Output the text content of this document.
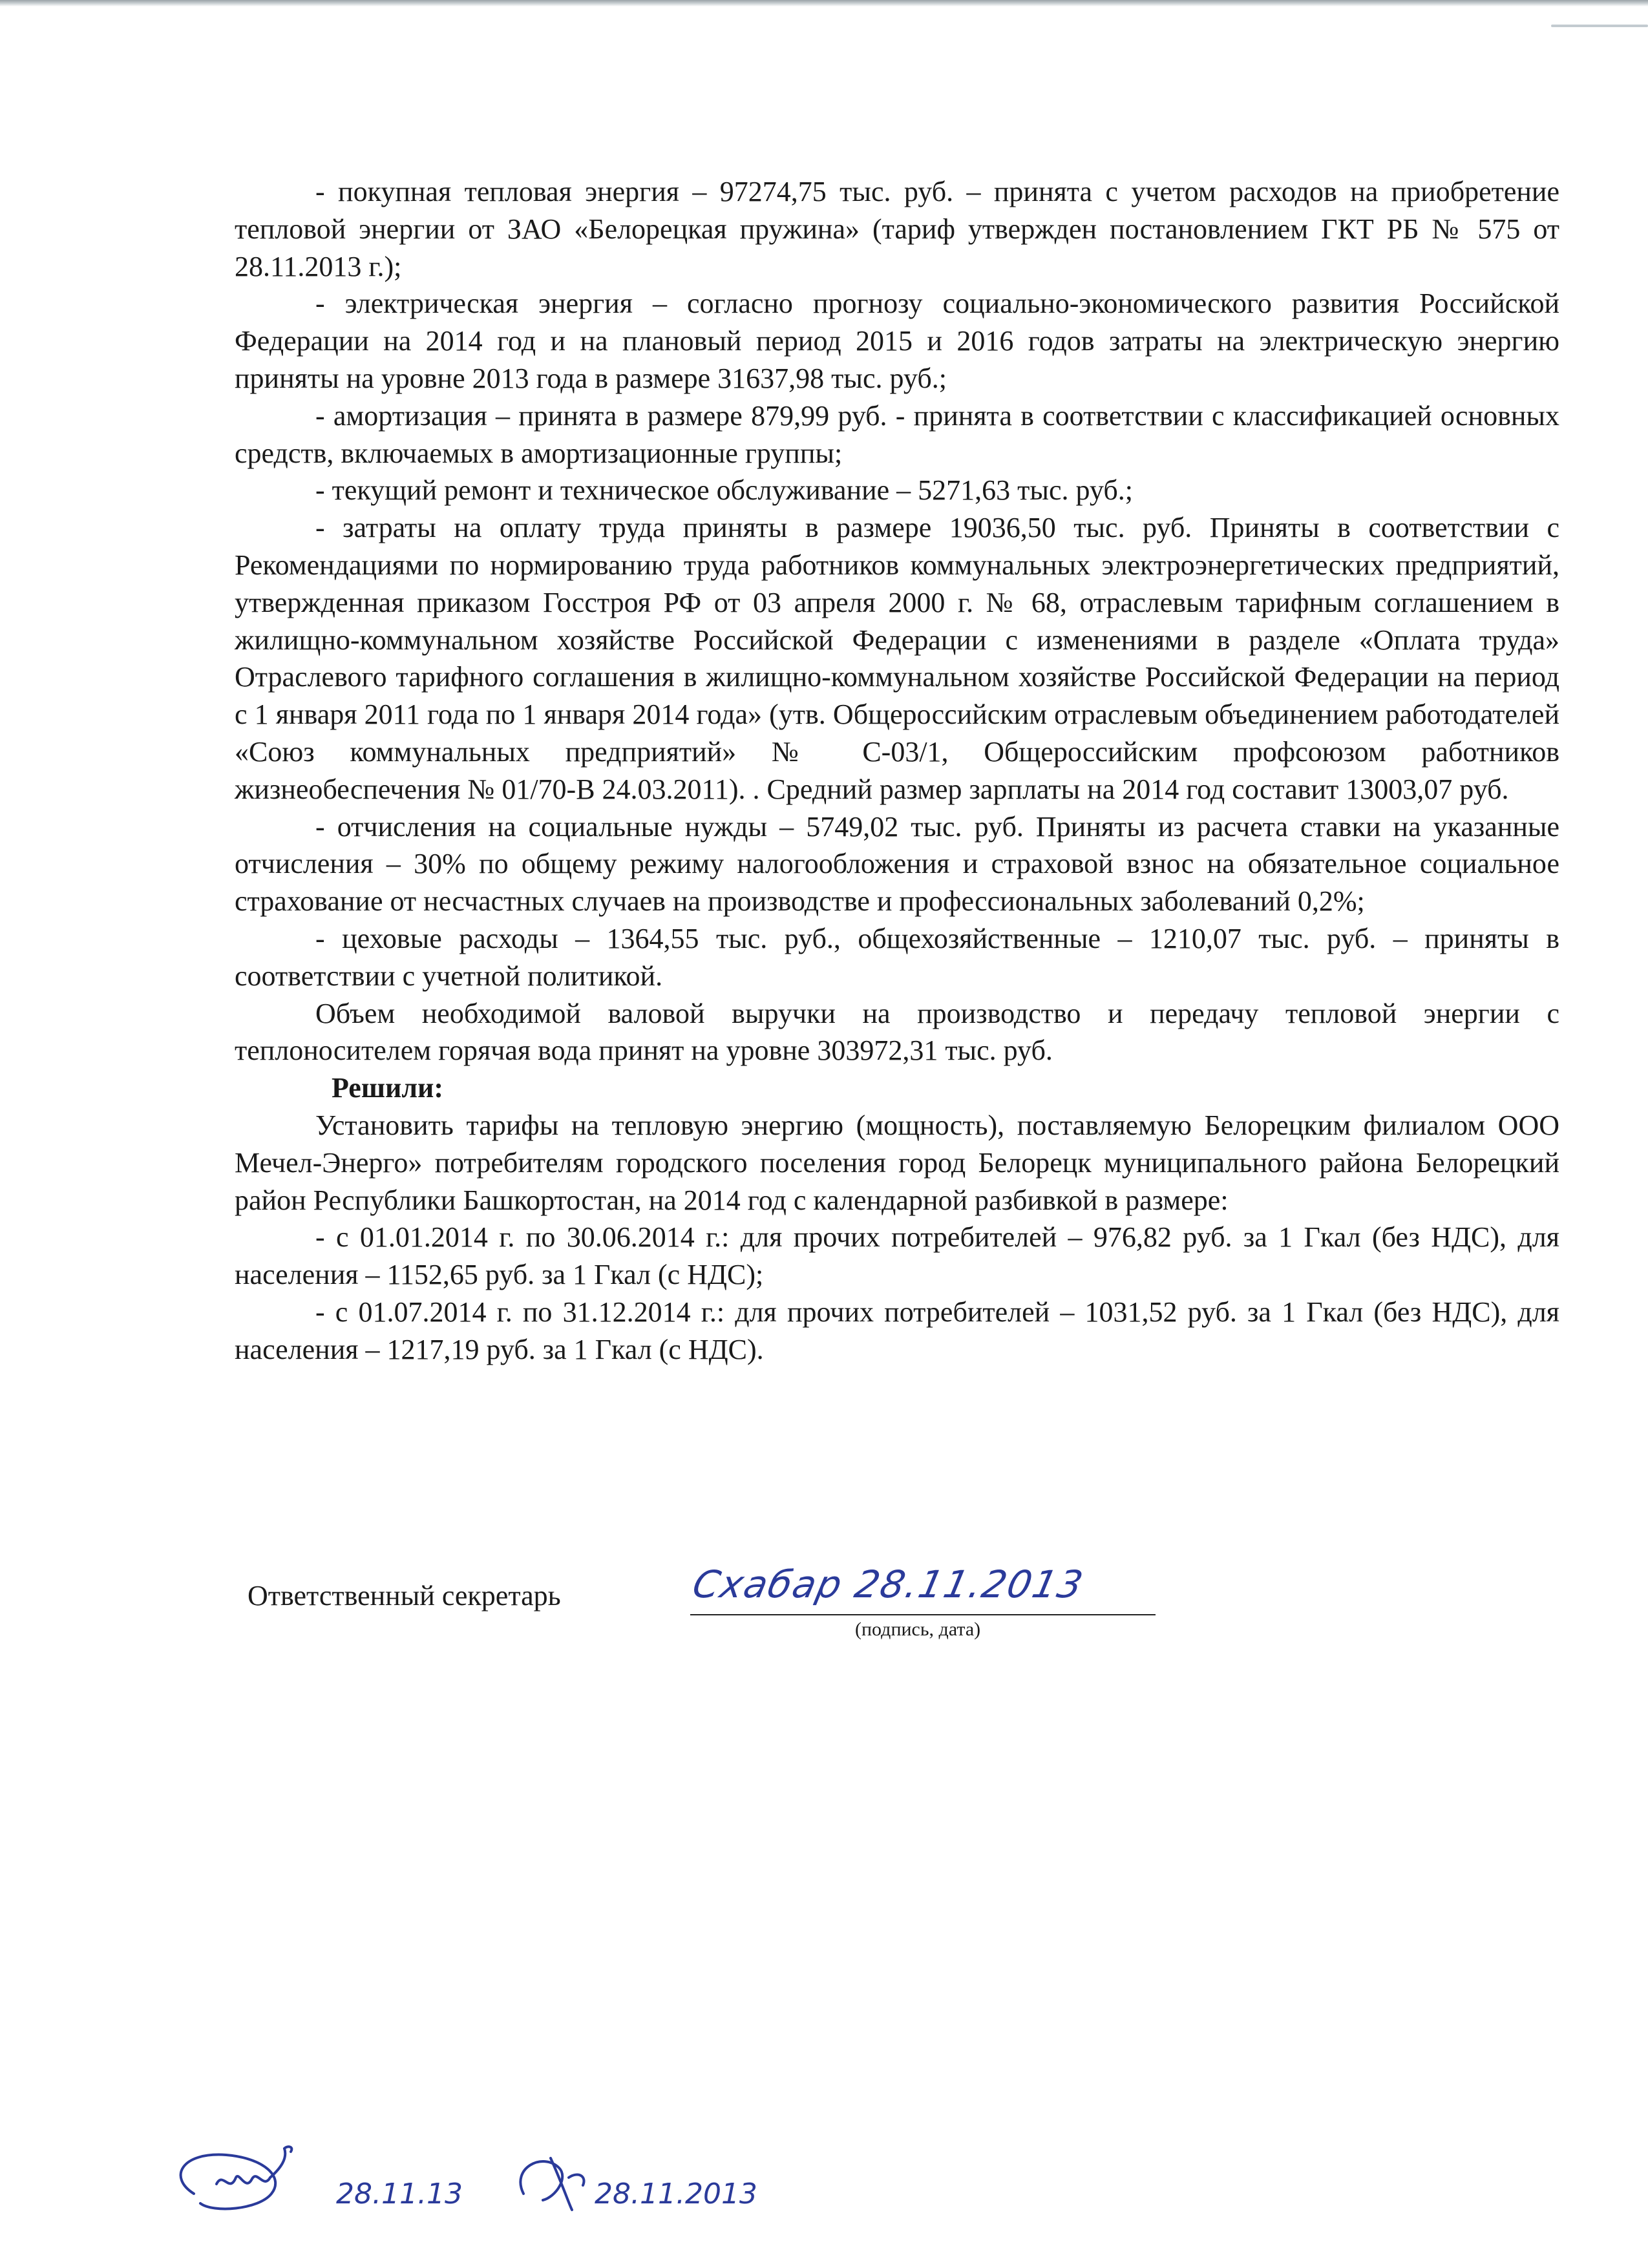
- покупная тепловая энергия – 97274,75 тыс. руб. – принята с учетом расходов на приобретение тепловой энергии от ЗАО «Белорецкая пружина» (тариф утвержден постановлением ГКТ РБ № 575 от 28.11.2013 г.);

- электрическая энергия – согласно прогнозу социально-экономического развития Российской Федерации на 2014 год и на плановый период 2015 и 2016 годов затраты на электрическую энергию приняты на уровне 2013 года в размере 31637,98 тыс. руб.;

- амортизация – принята в размере 879,99 руб. - принята в соответствии с классификацией основных средств, включаемых в амортизационные группы;

- текущий ремонт и техническое обслуживание – 5271,63 тыс. руб.;

- затраты на оплату труда приняты в размере 19036,50 тыс. руб. Приняты в соответствии с Рекомендациями по нормированию труда работников коммунальных электроэнергетических предприятий, утвержденная приказом Госстроя РФ от 03 апреля 2000 г. № 68, отраслевым тарифным соглашением в жилищно-коммунальном хозяйстве Российской Федерации с изменениями в разделе «Оплата труда» Отраслевого тарифного соглашения в жилищно-коммунальном хозяйстве Российской Федерации на период с 1 января 2011 года по 1 января 2014 года» (утв. Общероссийским отраслевым объединением работодателей «Союз коммунальных предприятий» № С-03/1, Общероссийским профсоюзом работников жизнеобеспечения № 01/70-В 24.03.2011). . Средний размер зарплаты на 2014 год составит 13003,07 руб.

- отчисления на социальные нужды – 5749,02 тыс. руб. Приняты из расчета ставки на указанные отчисления – 30% по общему режиму налогообложения и страховой взнос на обязательное социальное страхование от несчастных случаев на производстве и профессиональных заболеваний 0,2%;

- цеховые расходы – 1364,55 тыс. руб., общехозяйственные – 1210,07 тыс. руб. – приняты в соответствии с учетной политикой.

Объем необходимой валовой выручки на производство и передачу тепловой энергии с теплоносителем горячая вода принят на уровне 303972,31 тыс. руб.

Решили:

Установить тарифы на тепловую энергию (мощность), поставляемую Белорецким филиалом ООО Мечел-Энерго» потребителям городского поселения город Белорецк муниципального района Белорецкий район Республики Башкортостан, на 2014 год с календарной разбивкой в размере:

- с 01.01.2014 г. по 30.06.2014 г.: для прочих потребителей – 976,82 руб. за 1 Гкал (без НДС), для населения – 1152,65 руб. за 1 Гкал (с НДС);

- с 01.07.2014 г. по 31.12.2014 г.: для прочих потребителей – 1031,52 руб. за 1 Гкал (без НДС), для населения – 1217,19 руб. за 1 Гкал (с НДС).

Ответственный секретарь	Схабар 28.11.2013
(подпись, дата)
28.11.13	28.11.2013
